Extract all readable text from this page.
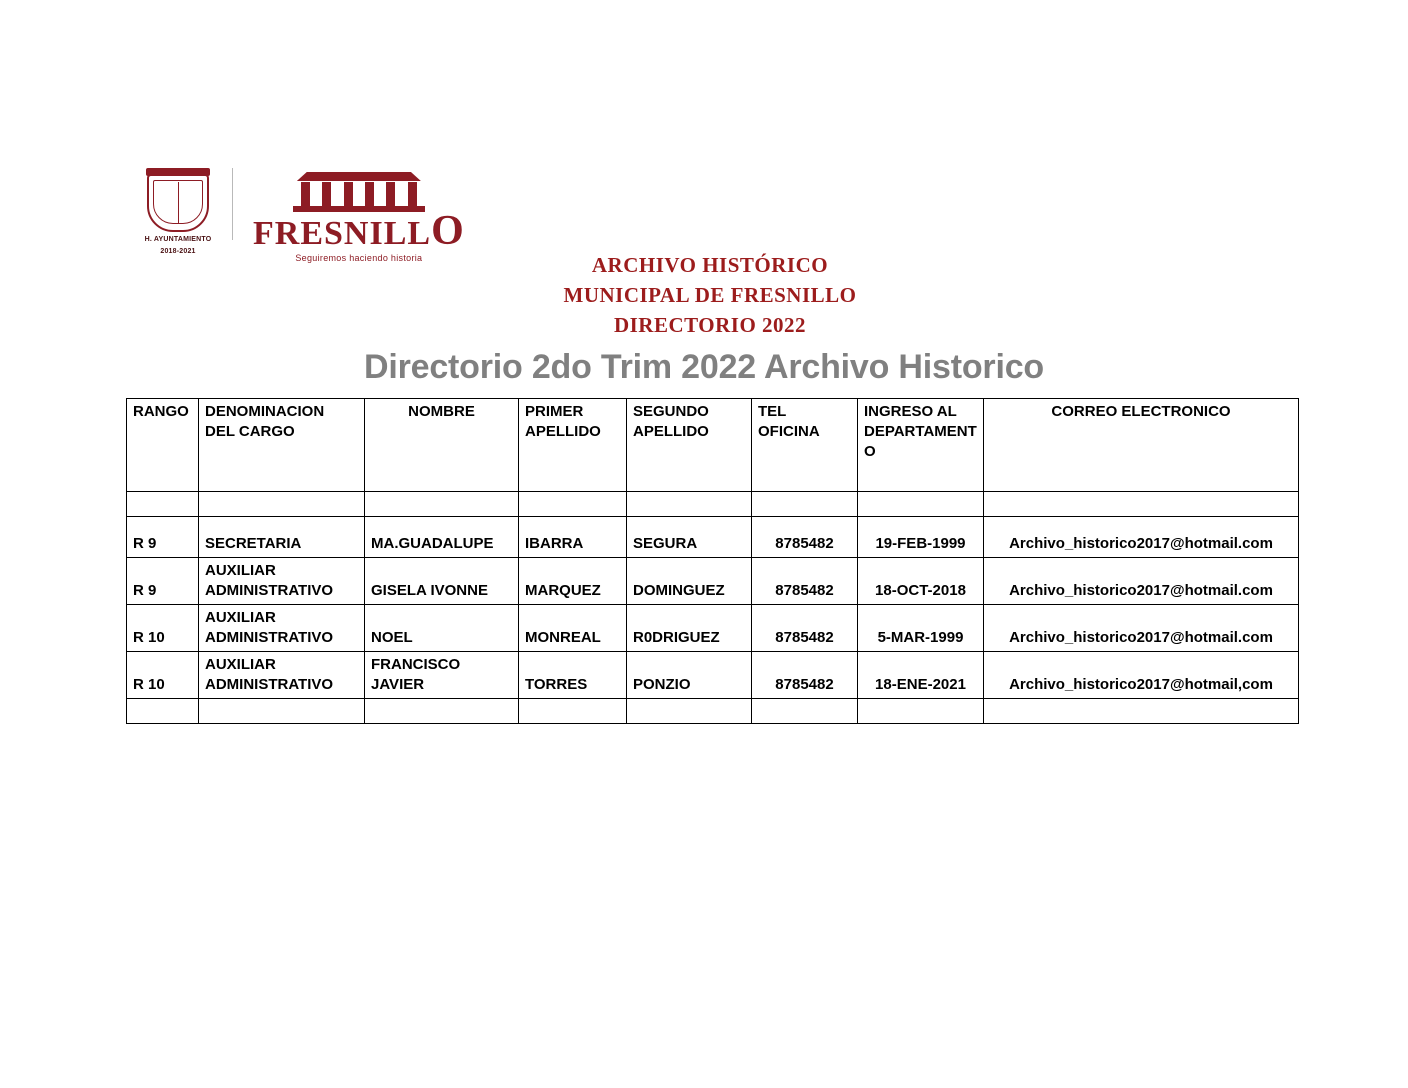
H. AYUNTAMIENTO
2018-2021 FRESNILLO
Seguiremos haciendo historia	ARCHIVO HISTÓRICO
MUNICIPAL DE FRESNILLO
DIRECTORIO 2022
Directorio 2do Trim 2022 Archivo Historico
RANGO	DENOMINACION DEL CARGO	NOMBRE	PRIMER APELLIDO	SEGUNDO APELLIDO	TEL OFICINA	INGRESO AL DEPARTAMENTO	CORREO ELECTRONICO

R 9	SECRETARIA	MA.GUADALUPE	IBARRA	SEGURA	8785482	19-FEB-1999	Archivo_historico2017@hotmail.com
R 9	AUXILIAR ADMINISTRATIVO	GISELA IVONNE	MARQUEZ	DOMINGUEZ	8785482	18-OCT-2018	Archivo_historico2017@hotmail.com
R 10	AUXILIAR ADMINISTRATIVO	NOEL	MONREAL	R0DRIGUEZ	8785482	5-MAR-1999	Archivo_historico2017@hotmail.com
R 10	AUXILIAR ADMINISTRATIVO	FRANCISCO JAVIER	TORRES	PONZIO	8785482	18-ENE-2021	Archivo_historico2017@hotmail,com
